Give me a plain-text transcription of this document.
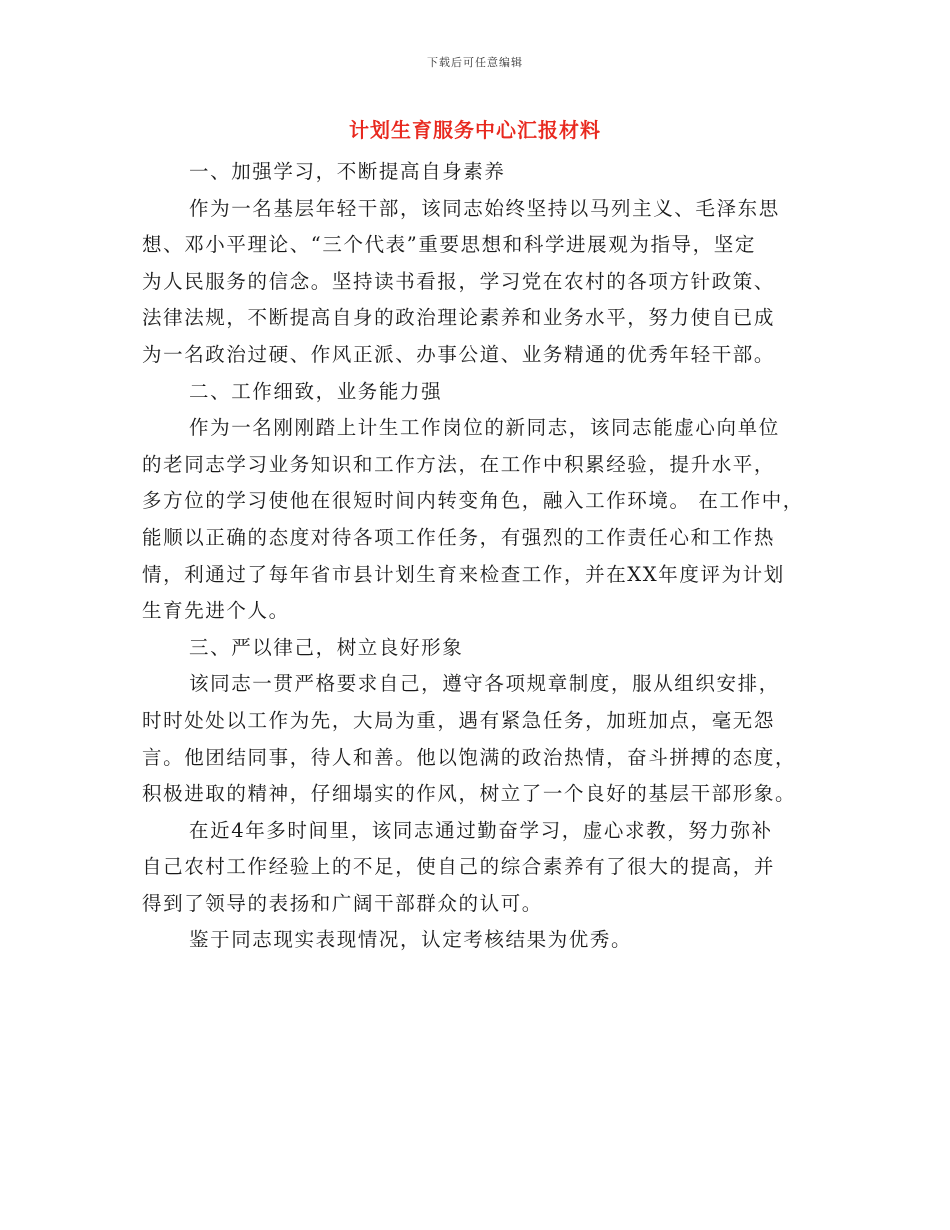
下载后可任意编辑
计划生育服务中心汇报材料
一、加强学习，不断提高自身素养
作为一名基层年轻干部，该同志始终坚持以马列主义、毛泽东思
想、邓小平理论、“三个代表”重要思想和科学进展观为指导，坚定
为人民服务的信念。坚持读书看报，学习党在农村的各项方针政策、
法律法规，不断提高自身的政治理论素养和业务水平，努力使自已成
为一名政治过硬、作风正派、办事公道、业务精通的优秀年轻干部。
二、工作细致，业务能力强
作为一名刚刚踏上计生工作岗位的新同志，该同志能虚心向单位
的老同志学习业务知识和工作方法，在工作中积累经验，提升水平，
多方位的学习使他在很短时间内转变角色，融入工作环境。 在工作中，
能顺以正确的态度对待各项工作任务，有强烈的工作责任心和工作热
情，利通过了每年省市县计划生育来检查工作，并在XX年度评为计划
生育先进个人。
三、严以律己，树立良好形象
该同志一贯严格要求自己，遵守各项规章制度，服从组织安排，
时时处处以工作为先，大局为重，遇有紧急任务，加班加点，毫无怨
言。他团结同事，待人和善。他以饱满的政治热情，奋斗拼搏的态度，
积极进取的精神，仔细塌实的作风，树立了一个良好的基层干部形象。
在近4年多时间里，该同志通过勤奋学习，虚心求教，努力弥补
自己农村工作经验上的不足，使自己的综合素养有了很大的提高，并
得到了领导的表扬和广阔干部群众的认可。
鉴于同志现实表现情况，认定考核结果为优秀。
